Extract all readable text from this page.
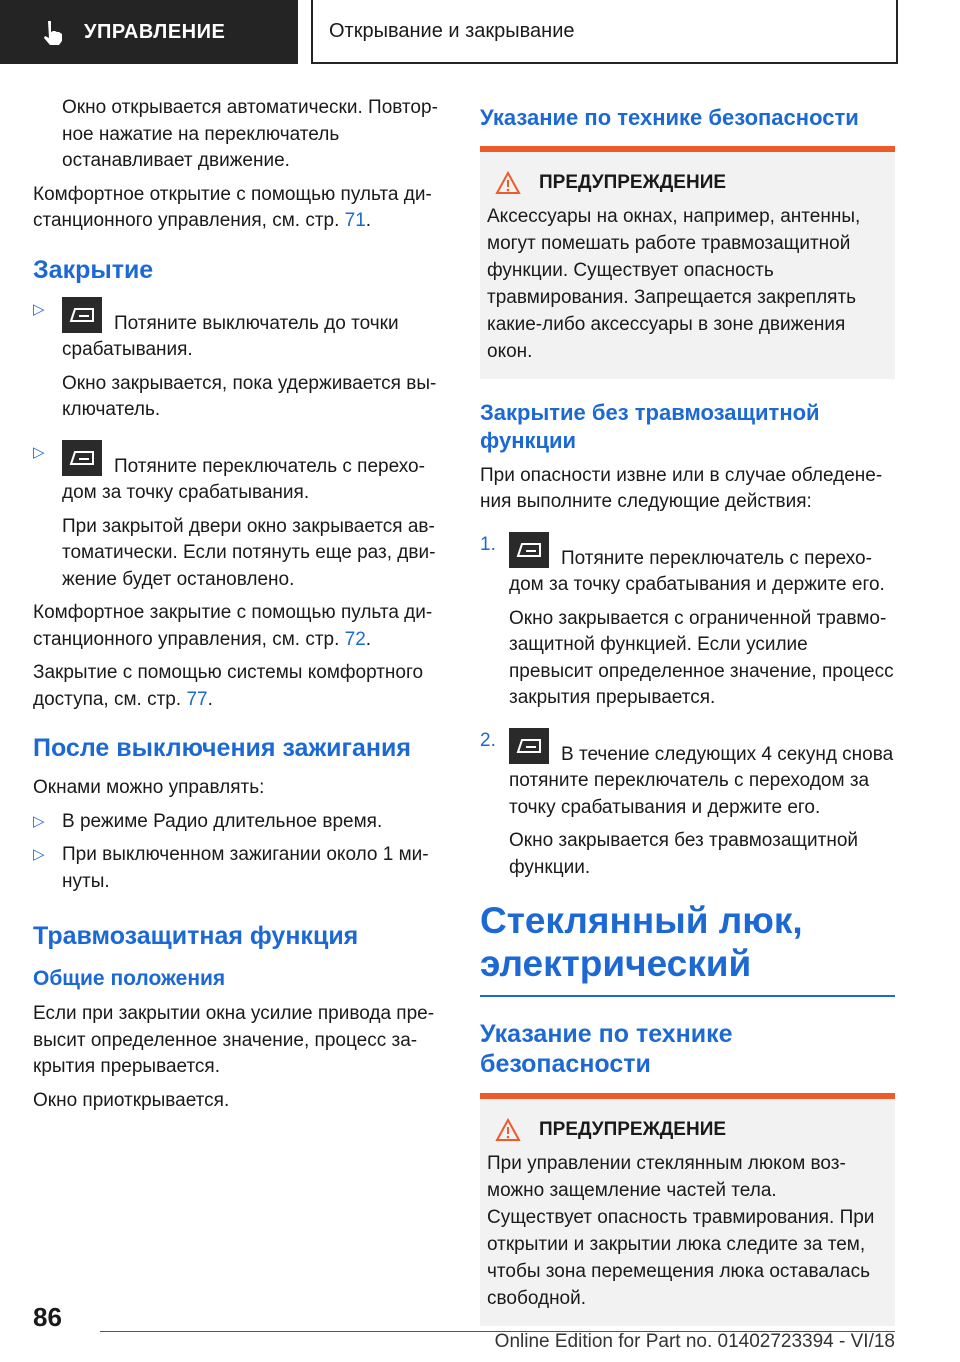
УПРАВЛЕНИЕ	Открывание и закрывание

Окно открывается автоматически. Повторное нажатие на переключатель останавливает движение.

Комфортное открытие с помощью пульта дистанционного управления, см. стр. 71.

Закрытие
▷
Потяните выключатель до точки срабатывания.

Окно закрывается, пока удерживается выключатель.

▷
Потяните переключатель с переходом за точку срабатывания.

При закрытой двери окно закрывается автоматически. Если потянуть еще раз, движение будет остановлено.

Комфортное закрытие с помощью пульта дистанционного управления, см. стр. 72.

Закрытие с помощью системы комфортного доступа, см. стр. 77.

После выключения зажигания

Окнами можно управлять:

▷ В режиме Радио длительное время.
▷ При выключенном зажигании около 1 минуты.
Травмозащитная функция
Общие положения

Если при закрытии окна усилие привода превысит определенное значение, процесс закрытия прерывается.

Окно приоткрывается.

Указание по технике безопасности
ПРЕДУПРЕЖДЕНИЕ
Аксессуары на окнах, например, антенны, могут помешать работе травмозащитной функции. Существует опасность травмирования. Запрещается закреплять какие-либо аксессуары в зоне движения окон.
Закрытие без травмозащитной функции

При опасности извне или в случае обледенения выполните следующие действия:

1.
Потяните переключатель с переходом за точку срабатывания и держите его.

Окно закрывается с ограниченной травмозащитной функцией. Если усилие превысит определенное значение, процесс закрытия прерывается.

2.
В течение следующих 4 секунд снова потяните переключатель с переходом за точку срабатывания и держите его.

Окно закрывается без травмозащитной функции.

Стеклянный люк, электрический
Указание по технике безопасности
ПРЕДУПРЕЖДЕНИЕ
При управлении стеклянным люком возможно защемление частей тела. Существует опасность травмирования. При открытии и закрытии люка следите за тем, чтобы зона перемещения люка оставалась свободной.
86
Online Edition for Part no. 01402723394 - VI/18
